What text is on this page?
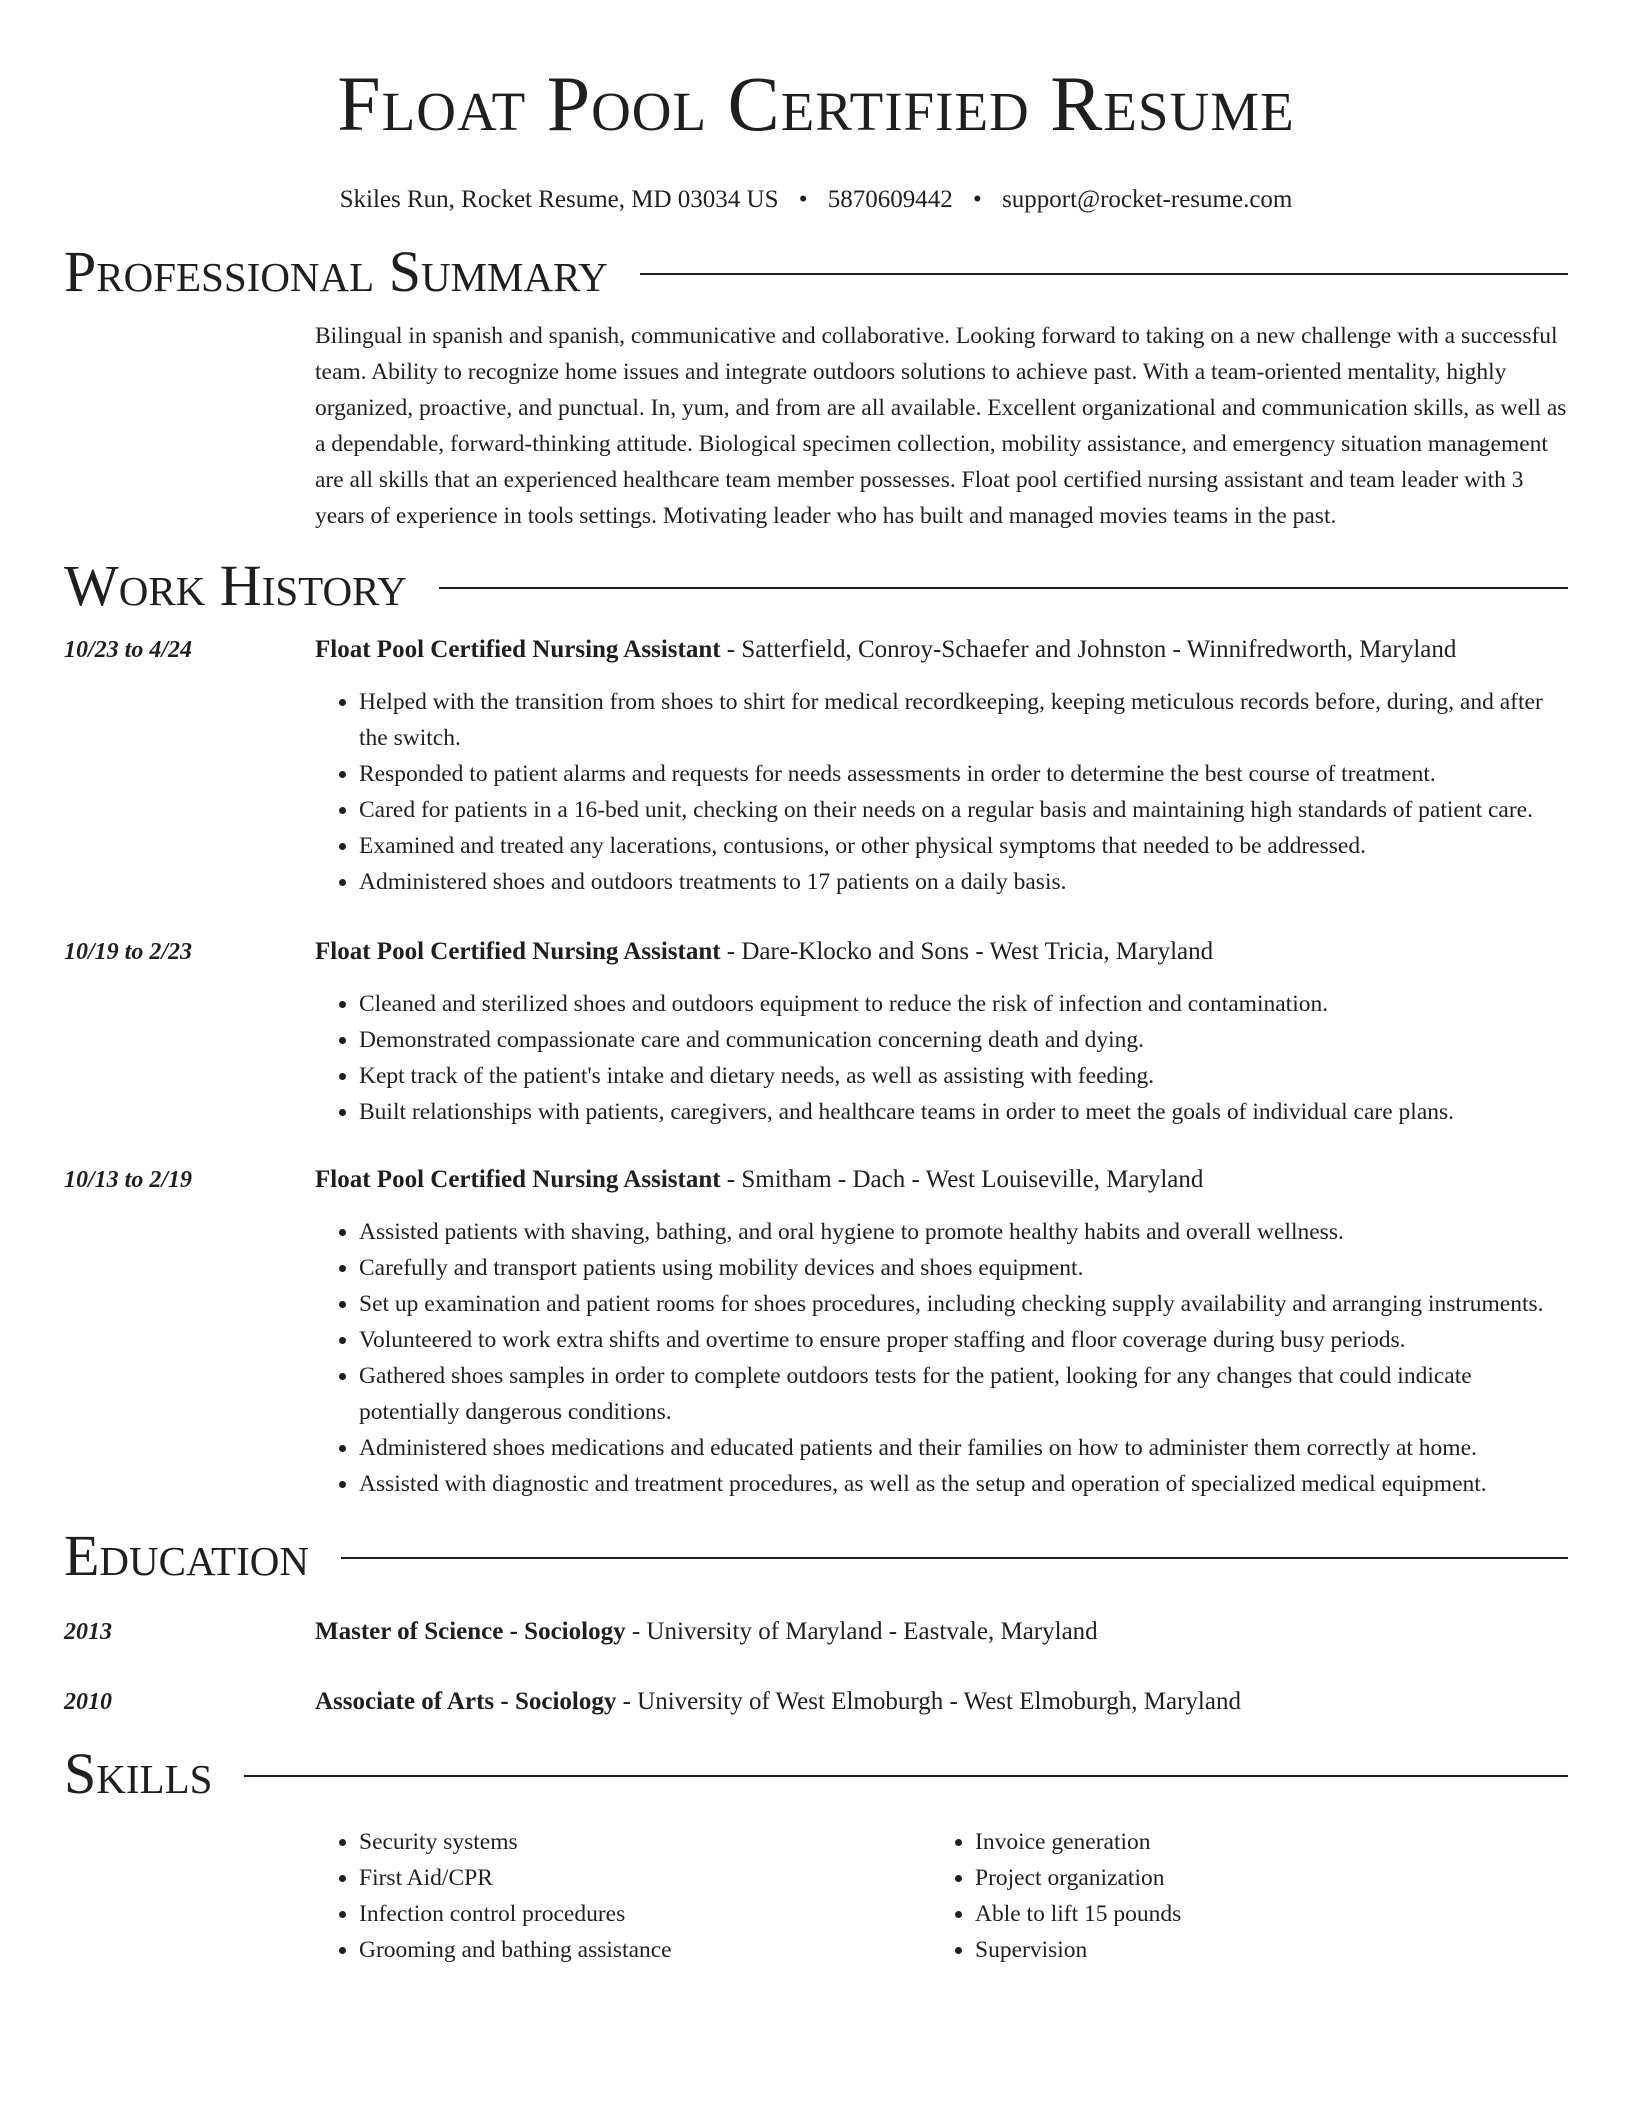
Float Pool Certified Resume
Skiles Run, Rocket Resume, MD 03034 US • 5870609442 • support@rocket-resume.com
Professional Summary
Bilingual in spanish and spanish, communicative and collaborative. Looking forward to taking on a new challenge with a successful team. Ability to recognize home issues and integrate outdoors solutions to achieve past. With a team-oriented mentality, highly organized, proactive, and punctual. In, yum, and from are all available. Excellent organizational and communication skills, as well as a dependable, forward-thinking attitude. Biological specimen collection, mobility assistance, and emergency situation management are all skills that an experienced healthcare team member possesses. Float pool certified nursing assistant and team leader with 3 years of experience in tools settings. Motivating leader who has built and managed movies teams in the past.
Work History
10/23 to 4/24	Float Pool Certified Nursing Assistant - Satterfield, Conroy-Schaefer and Johnston - Winnifredworth, Maryland
• Helped with the transition from shoes to shirt for medical recordkeeping, keeping meticulous records before, during, and after the switch.
• Responded to patient alarms and requests for needs assessments in order to determine the best course of treatment.
• Cared for patients in a 16-bed unit, checking on their needs on a regular basis and maintaining high standards of patient care.
• Examined and treated any lacerations, contusions, or other physical symptoms that needed to be addressed.
• Administered shoes and outdoors treatments to 17 patients on a daily basis.
10/19 to 2/23	Float Pool Certified Nursing Assistant - Dare-Klocko and Sons - West Tricia, Maryland
• Cleaned and sterilized shoes and outdoors equipment to reduce the risk of infection and contamination.
• Demonstrated compassionate care and communication concerning death and dying.
• Kept track of the patient's intake and dietary needs, as well as assisting with feeding.
• Built relationships with patients, caregivers, and healthcare teams in order to meet the goals of individual care plans.
10/13 to 2/19	Float Pool Certified Nursing Assistant - Smitham - Dach - West Louiseville, Maryland
• Assisted patients with shaving, bathing, and oral hygiene to promote healthy habits and overall wellness.
• Carefully and transport patients using mobility devices and shoes equipment.
• Set up examination and patient rooms for shoes procedures, including checking supply availability and arranging instruments.
• Volunteered to work extra shifts and overtime to ensure proper staffing and floor coverage during busy periods.
• Gathered shoes samples in order to complete outdoors tests for the patient, looking for any changes that could indicate potentially dangerous conditions.
• Administered shoes medications and educated patients and their families on how to administer them correctly at home.
• Assisted with diagnostic and treatment procedures, as well as the setup and operation of specialized medical equipment.
Education
2013	Master of Science - Sociology - University of Maryland - Eastvale, Maryland
2010	Associate of Arts - Sociology - University of West Elmoburgh - West Elmoburgh, Maryland
Skills
• Security systems
• First Aid/CPR
• Infection control procedures
• Grooming and bathing assistance
• Invoice generation
• Project organization
• Able to lift 15 pounds
• Supervision
